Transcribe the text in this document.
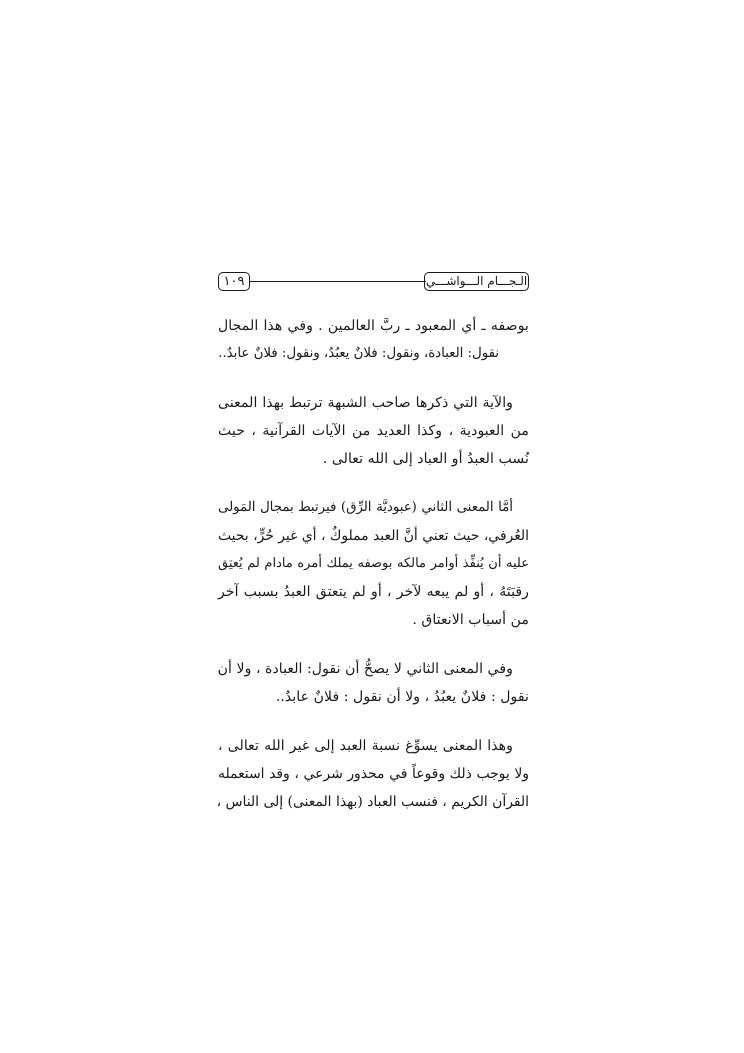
١٠٩	الـجـــام الـــواشـــي

بوصفه ـ أي المعبود ـ ربَّ العالمين . وفي هذا المجال
نقول: العبادة، ونقول: فلانٌ يعبُدُ، ونقول: فلانٌ عابدٌ..

والآية التي ذكرها صاحب الشبهة ترتبط بهذا المعنى
من العبودية ، وكذا العديد من الآيات القرآنية ، حيث
نُسب العبدُ أو العباد إلى الله تعالى .

أمَّا المعنى الثاني (عبوديَّة الرِّق) فيرتبط بمجال المَولى
العُرفي، حيث تعني أنَّ العبد مملوكٌ ، أي غير حُرٍّ، بحيث
عليه أن يُنفِّذ أوامر مالكه بوصفه يملك أمره مادام لم يُعتِق
رقبَتَهُ ، أو لم يبعه لآخر ، أو لم يتعتق العبدُ بسبب آخر
من أسباب الانعتاق .

وفي المعنى الثاني لا يصحُّ أن نقول: العبادة ، ولا أن
نقول : فلانٌ يعبُدُ ، ولا أن نقول : فلانٌ عابدٌ..

وهذا المعنى يسوِّغ نسبة العبد إلى غير الله تعالى ،
ولا يوجب ذلك وقوعاً في محذور شرعي ، وقد استعمله
القرآن الكريم ، فنسب العباد (بهذا المعنى) إلى الناس ،
